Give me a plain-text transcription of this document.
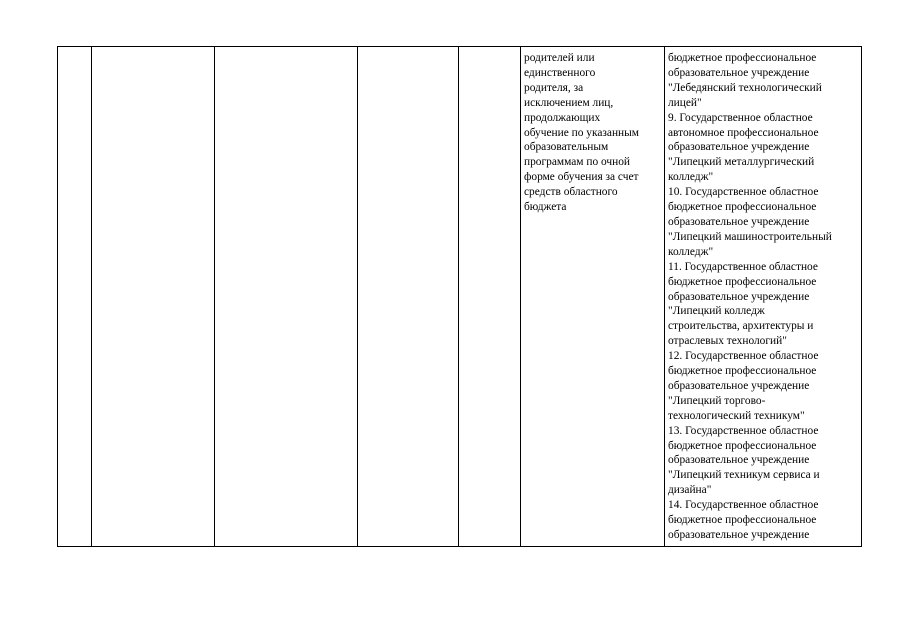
родителей или
единственного
родителя, за
исключением лиц,
продолжающих
обучение по указанным
образовательным
программам по очной
форме обучения за счет
средств областного
бюджета

бюджетное профессиональное
образовательное учреждение
"Лебедянский технологический
лицей"
9. Государственное областное
автономное профессиональное
образовательное учреждение
"Липецкий металлургический
колледж"
10. Государственное областное
бюджетное профессиональное
образовательное учреждение
"Липецкий машиностроительный
колледж"
11. Государственное областное
бюджетное профессиональное
образовательное учреждение
"Липецкий колледж
строительства, архитектуры и
отраслевых технологий"
12. Государственное областное
бюджетное профессиональное
образовательное учреждение
"Липецкий торгово-
технологический техникум"
13. Государственное областное
бюджетное профессиональное
образовательное учреждение
"Липецкий техникум сервиса и
дизайна"
14. Государственное областное
бюджетное профессиональное
образовательное учреждение
